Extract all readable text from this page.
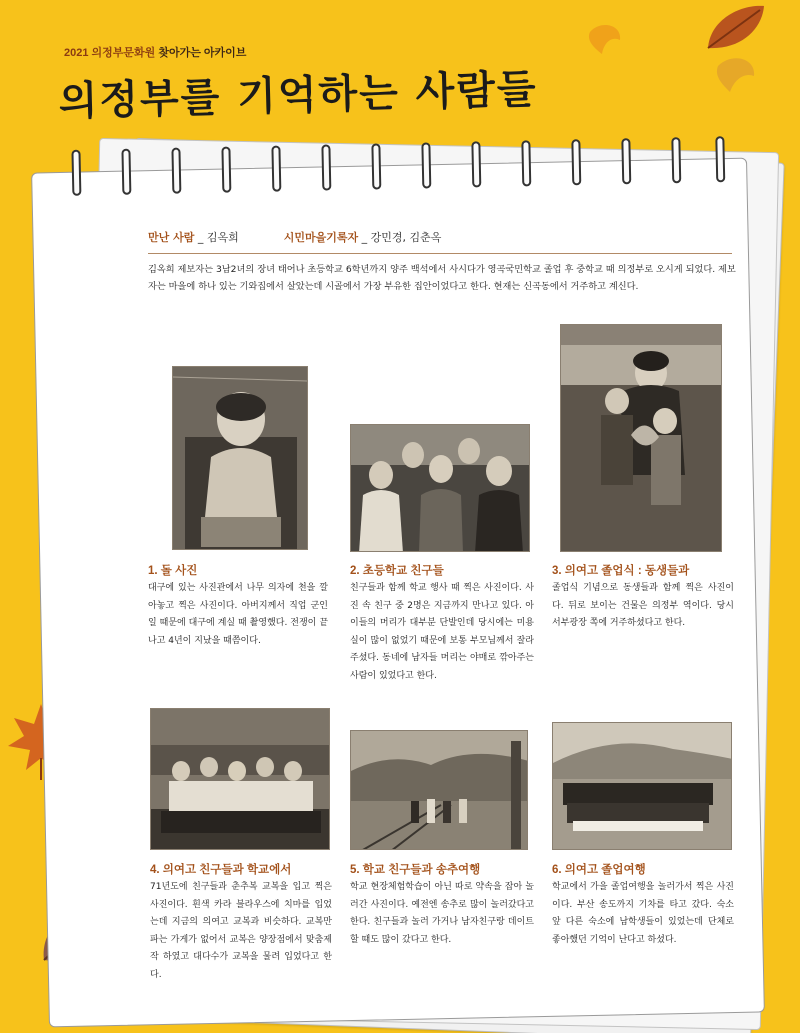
2021 의정부문화원 찾아가는 아카이브
의정부를 기억하는 사람들
만난 사람 _ 김옥희	시민마을기록자 _ 강민경, 김춘옥
김옥희 제보자는 3남2녀의 장녀 태어나 초등학교 6학년까지 양주 백석에서 사시다가 영곡국민학교 졸업 후 중학교 때 의정부로 오시게 되었다. 제보자는 마을에 하나 있는 기와집에서 살았는데 시골에서 가장 부유한 집안이었다고 한다. 현재는 신곡동에서 거주하고 계신다.
1. 돌 사진
대구에 있는 사진관에서 나무 의자에 천을 깔아놓고 찍은 사진이다. 아버지께서 직업 군인 일 때문에 대구에 계실 때 촬영했다. 전쟁이 끝나고 4년이 지났을 때쯤이다.
2. 초등학교 친구들
친구들과 함께 학교 행사 때 찍은 사진이다. 사진 속 친구 중 2명은 지금까지 만나고 있다. 아이들의 머리가 대부분 단발인데 당시에는 미용실이 많이 없었기 때문에 보통 부모님께서 잘라주셨다. 동네에 남자들 머리는 야매로 깎아주는 사람이 있었다고 한다.
3. 의여고 졸업식 : 동생들과
졸업식 기념으로 동생들과 함께 찍은 사진이다. 뒤로 보이는 건물은 의정부 역이다. 당시 서부광장 쪽에 거주하셨다고 한다.
4. 의여고 친구들과 학교에서
71년도에 친구들과 춘추복 교복을 입고 찍은 사진이다. 흰색 카라 블라우스에 치마를 입었는데 지금의 의여고 교복과 비슷하다. 교복만 파는 가게가 없어서 교복은 양장점에서 맞춤제작 하였고 대다수가 교복을 물려 입었다고 한다.
5. 학교 친구들과 송추여행
학교 현장체험학습이 아닌 따로 약속을 잡아 놀러간 사진이다. 예전엔 송추로 많이 놀러갔다고 한다. 친구들과 놀러 가거나 남자친구랑 데이트할 때도 많이 갔다고 한다.
6. 의여고 졸업여행
학교에서 가을 졸업여행을 놀러가서 찍은 사진이다. 부산 송도까지 기차를 타고 갔다. 숙소 앞 다른 숙소에 남학생들이 있었는데 단체로 좋아했던 기억이 난다고 하셨다.
